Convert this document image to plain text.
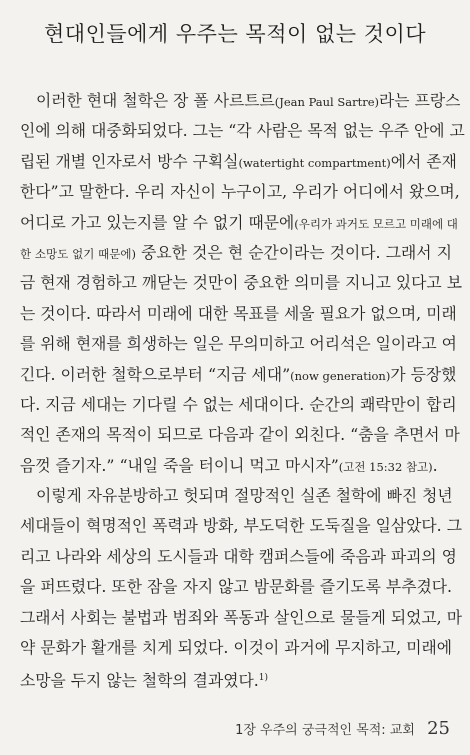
현대인들에게 우주는 목적이 없는 것이다
이러한 현대 철학은 장 폴 사르트르(Jean Paul Sartre)라는 프랑스
인에 의해 대중화되었다. 그는 “각 사람은 목적 없는 우주 안에 고
립된 개별 인자로서 방수 구획실(watertight compartment)에서 존재
한다”고 말한다. 우리 자신이 누구이고, 우리가 어디에서 왔으며,
어디로 가고 있는지를 알 수 없기 때문에(우리가 과거도 모르고 미래에 대
한 소망도 없기 때문에) 중요한 것은 현 순간이라는 것이다. 그래서 지
금 현재 경험하고 깨닫는 것만이 중요한 의미를 지니고 있다고 보
는 것이다. 따라서 미래에 대한 목표를 세울 필요가 없으며, 미래
를 위해 현재를 희생하는 일은 무의미하고 어리석은 일이라고 여
긴다. 이러한 철학으로부터 “지금 세대”(now generation)가 등장했
다. 지금 세대는 기다릴 수 없는 세대이다. 순간의 쾌락만이 합리
적인 존재의 목적이 되므로 다음과 같이 외친다. “춤을 추면서 마
음껏 즐기자.” “내일 죽을 터이니 먹고 마시자”(고전 15:32 참고).
이렇게 자유분방하고 헛되며 절망적인 실존 철학에 빠진 청년
세대들이 혁명적인 폭력과 방화, 부도덕한 도둑질을 일삼았다. 그
리고 나라와 세상의 도시들과 대학 캠퍼스들에 죽음과 파괴의 영
을 퍼뜨렸다. 또한 잠을 자지 않고 밤문화를 즐기도록 부추겼다.
그래서 사회는 불법과 범죄와 폭동과 살인으로 물들게 되었고, 마
약 문화가 활개를 치게 되었다. 이것이 과거에 무지하고, 미래에
소망을 두지 않는 철학의 결과였다.$^{1)}$
1장 우주의 궁극적인 목적: 교회 25
